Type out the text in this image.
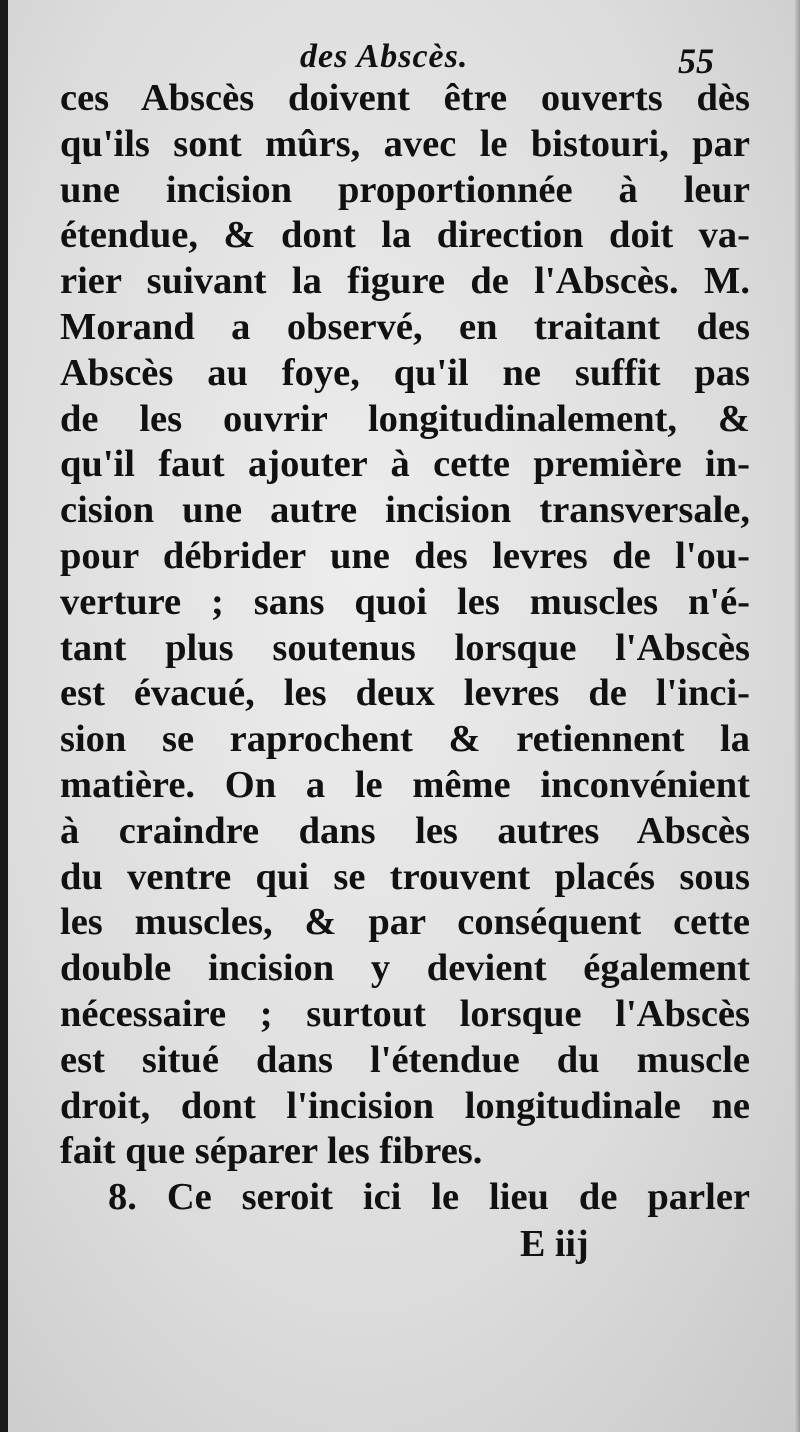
des Abscès.	55
ces Abscès doivent être ouverts dès
qu'ils sont mûrs, avec le bistouri, par
une incision proportionnée à leur
étendue, & dont la direction doit va-
rier suivant la figure de l'Abscès. M.
Morand a observé, en traitant des
Abscès au foye, qu'il ne suffit pas
de les ouvrir longitudinalement, &
qu'il faut ajouter à cette première in-
cision une autre incision transversale,
pour débrider une des levres de l'ou-
verture ; sans quoi les muscles n'é-
tant plus soutenus lorsque l'Abscès
est évacué, les deux levres de l'inci-
sion se raprochent & retiennent la
matière. On a le même inconvénient
à craindre dans les autres Abscès
du ventre qui se trouvent placés sous
les muscles, & par conséquent cette
double incision y devient également
nécessaire ; surtout lorsque l'Abscès
est situé dans l'étendue du muscle
droit, dont l'incision longitudinale ne
fait que séparer les fibres.
8. Ce seroit ici le lieu de parler
E iij
